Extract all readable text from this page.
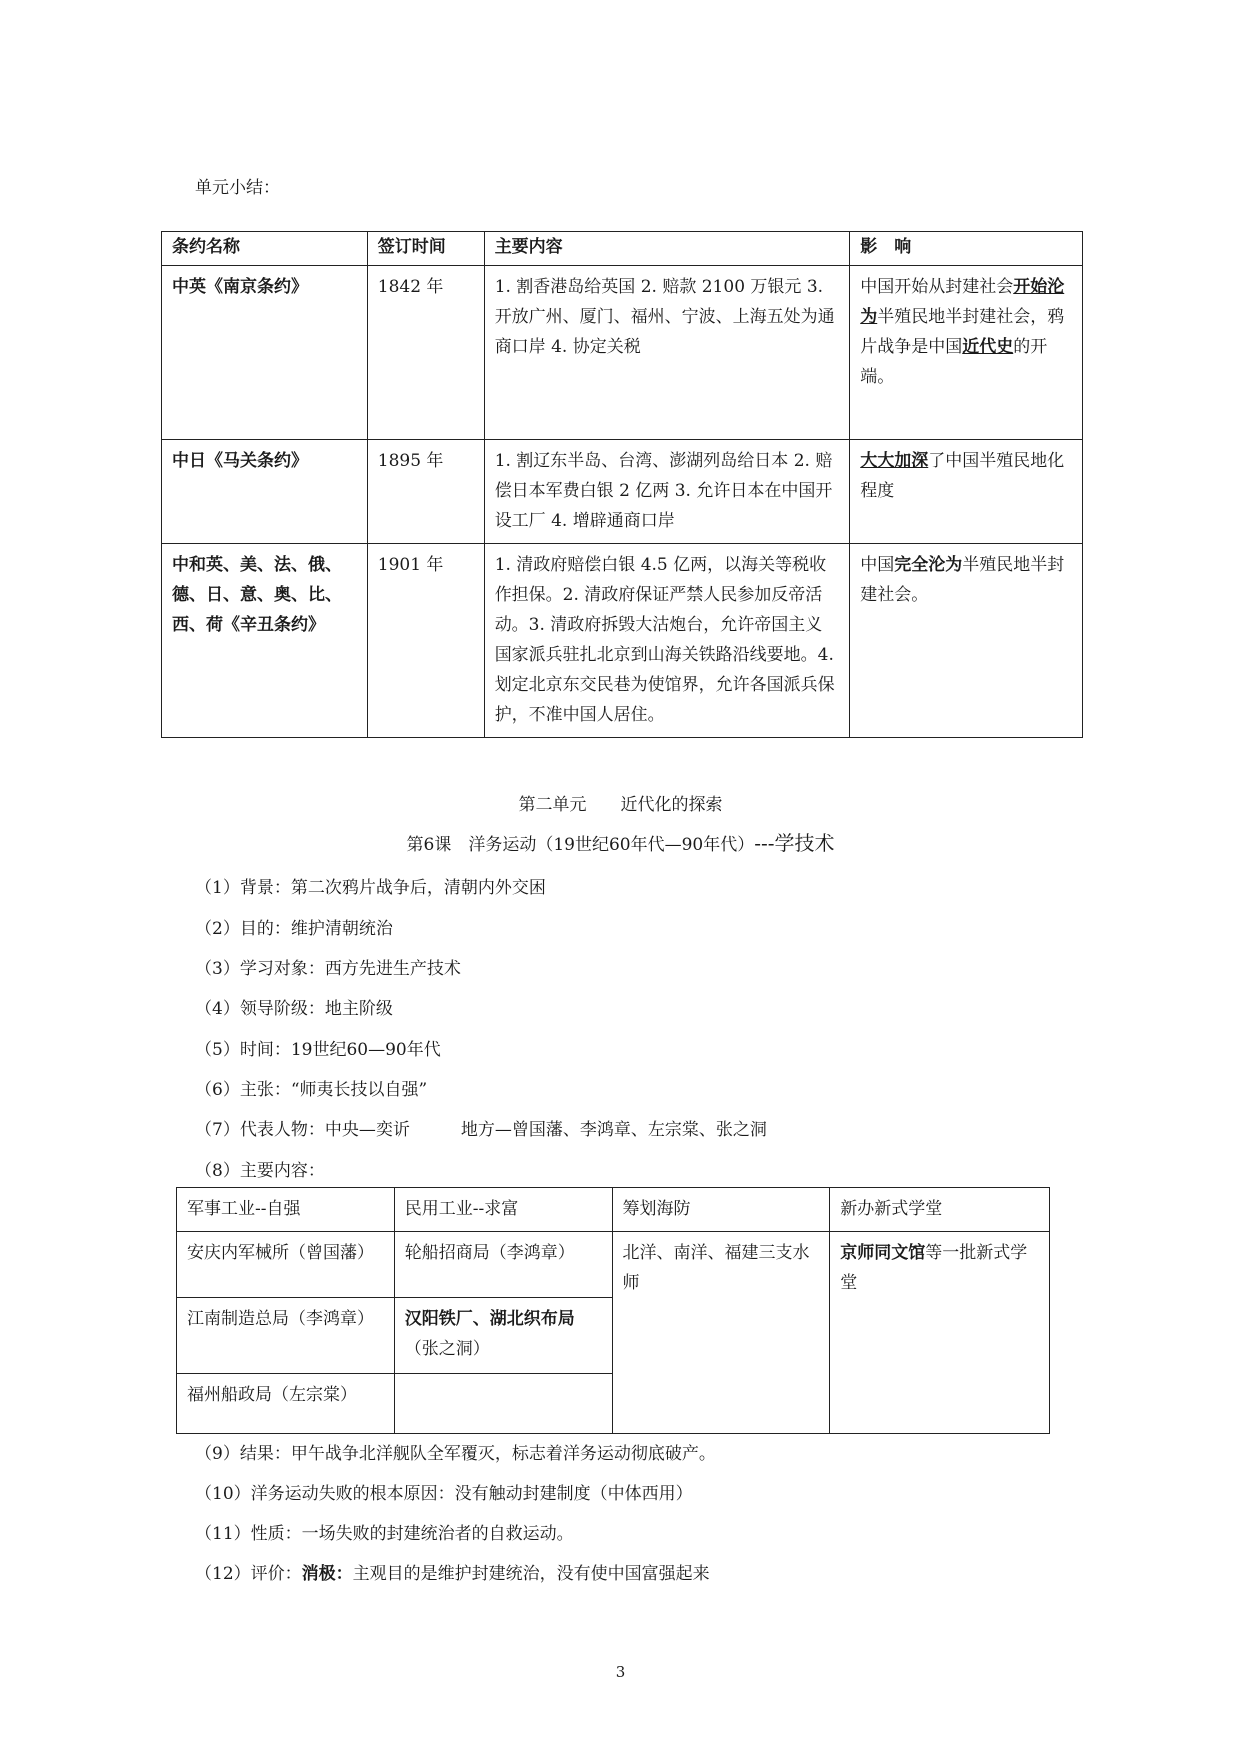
单元小结：
条约名称	签订时间	主要内容	影　响
中英《南京条约》	1842 年	1. 割香港岛给英国 2. 赔款 2100 万银元 3. 开放广州、厦门、福州、宁波、上海五处为通商口岸 4. 协定关税	中国开始从封建社会开始沦为半殖民地半封建社会，鸦片战争是中国近代史的开端。
中日《马关条约》	1895 年	1. 割辽东半岛、台湾、澎湖列岛给日本 2. 赔偿日本军费白银 2 亿两 3. 允许日本在中国开设工厂 4. 增辟通商口岸	大大加深了中国半殖民地化程度
中和英、美、法、俄、德、日、意、奥、比、西、荷《辛丑条约》	1901 年	1. 清政府赔偿白银 4.5 亿两，以海关等税收作担保。2. 清政府保证严禁人民参加反帝活动。3. 清政府拆毁大沽炮台，允许帝国主义国家派兵驻扎北京到山海关铁路沿线要地。4. 划定北京东交民巷为使馆界，允许各国派兵保护，不准中国人居住。	中国完全沦为半殖民地半封建社会。
第二单元　　近代化的探索
第6课　洋务运动（19世纪60年代—90年代）---学技术
（1）背景：第二次鸦片战争后，清朝内外交困
（2）目的：维护清朝统治
（3）学习对象：西方先进生产技术
（4）领导阶级：地主阶级
（5）时间：19世纪60—90年代
（6）主张：“师夷长技以自强”
（7）代表人物：中央—奕䜣　　　地方—曾国藩、李鸿章、左宗棠、张之洞
（8）主要内容：
军事工业--自强	民用工业--求富	筹划海防	新办新式学堂
安庆内军械所（曾国藩）	轮船招商局（李鸿章）	北洋、南洋、福建三支水师	京师同文馆等一批新式学堂
江南制造总局（李鸿章）	汉阳铁厂、湖北织布局（张之洞）		
福州船政局（左宗棠）			
（9）结果：甲午战争北洋舰队全军覆灭，标志着洋务运动彻底破产。
（10）洋务运动失败的根本原因：没有触动封建制度（中体西用）
（11）性质：一场失败的封建统治者的自救运动。
（12）评价：消极：主观目的是维护封建统治，没有使中国富强起来
3
